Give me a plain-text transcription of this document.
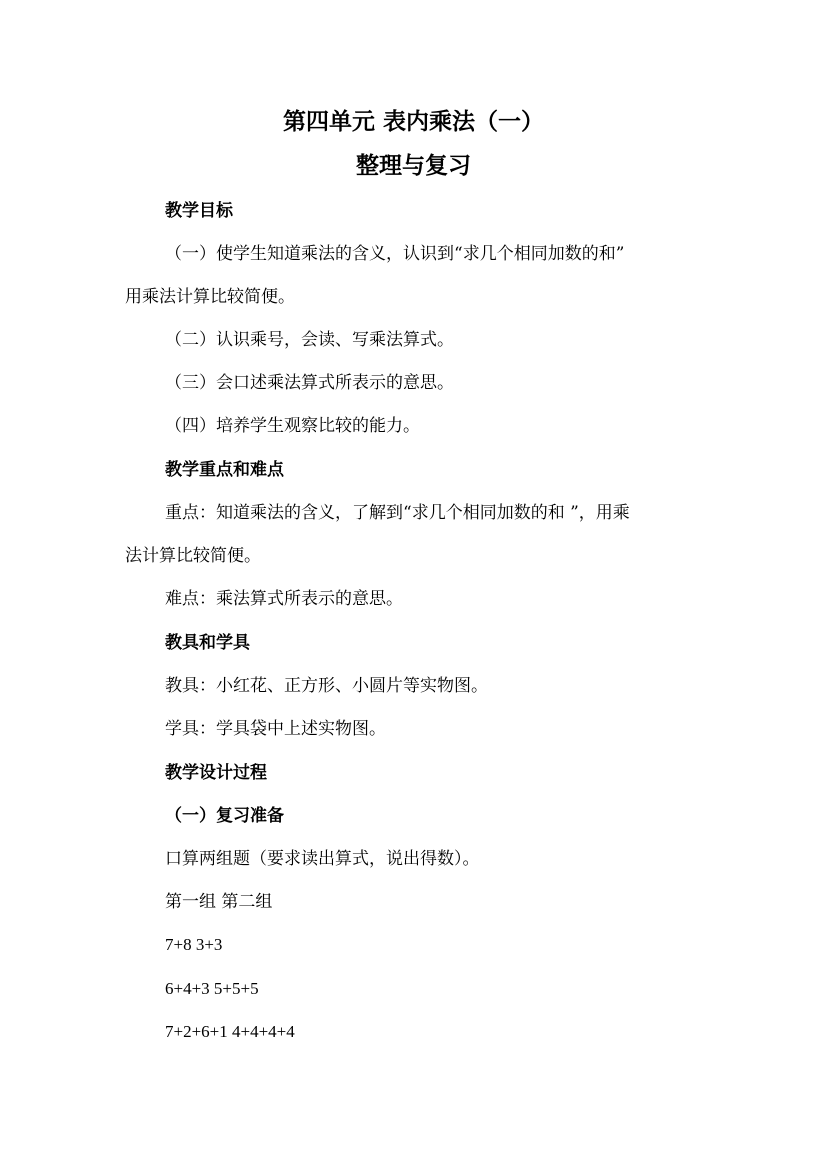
第四单元 表内乘法（一）
整理与复习
教学目标
（一）使学生知道乘法的含义，认识到“求几个相同加数的和”
用乘法计算比较简便。
（二）认识乘号，会读、写乘法算式。
（三）会口述乘法算式所表示的意思。
（四）培养学生观察比较的能力。
教学重点和难点
重点：知道乘法的含义，了解到“求几个相同加数的和 ”，用乘
法计算比较简便。
难点：乘法算式所表示的意思。
教具和学具
教具：小红花、正方形、小圆片等实物图。
学具：学具袋中上述实物图。
教学设计过程
（一）复习准备
口算两组题（要求读出算式，说出得数）。
第一组 第二组
7+8 3+3
6+4+3 5+5+5
7+2+6+1 4+4+4+4
